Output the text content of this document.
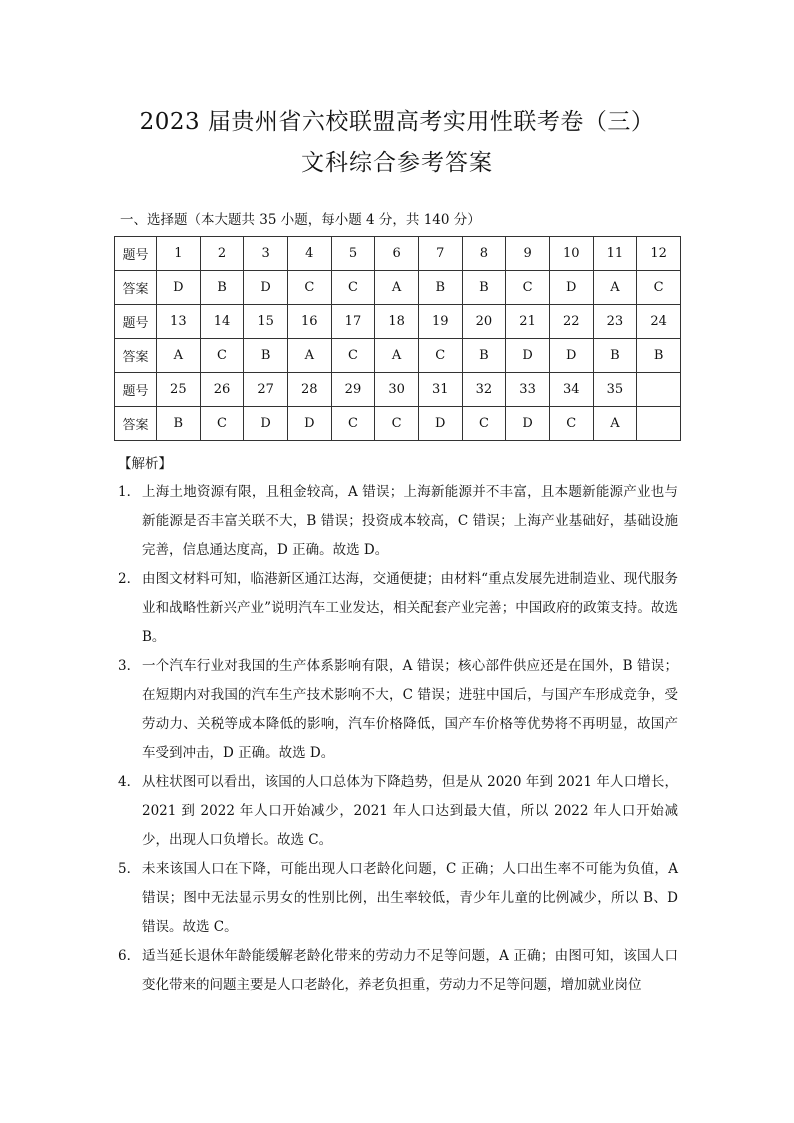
2023 届贵州省六校联盟高考实用性联考卷（三）
文科综合参考答案
一、选择题（本大题共 35 小题，每小题 4 分，共 140 分）
题号	1	2	3	4	5	6	7	8	9	10	11	12
答案	D	B	D	C	C	A	B	B	C	D	A	C
题号	13	14	15	16	17	18	19	20	21	22	23	24
答案	A	C	B	A	C	A	C	B	D	D	B	B
题号	25	26	27	28	29	30	31	32	33	34	35	
答案	B	C	D	D	C	C	D	C	D	C	A	
【解析】
1． 上海土地资源有限，且租金较高，A 错误；上海新能源并不丰富，且本题新能源产业也与新能源是否丰富关联不大，B 错误；投资成本较高，C 错误；上海产业基础好，基础设施完善，信息通达度高，D 正确。故选 D。
2． 由图文材料可知，临港新区通江达海，交通便捷；由材料“重点发展先进制造业、现代服务业和战略性新兴产业”说明汽车工业发达，相关配套产业完善；中国政府的政策支持。故选 B。
3． 一个汽车行业对我国的生产体系影响有限，A 错误；核心部件供应还是在国外，B 错误；在短期内对我国的汽车生产技术影响不大，C 错误；进驻中国后，与国产车形成竞争，受劳动力、关税等成本降低的影响，汽车价格降低，国产车价格等优势将不再明显，故国产车受到冲击，D 正确。故选 D。
4． 从柱状图可以看出，该国的人口总体为下降趋势，但是从 2020 年到 2021 年人口增长，2021 到 2022 年人口开始减少，2021 年人口达到最大值，所以 2022 年人口开始减少，出现人口负增长。故选 C。
5． 未来该国人口在下降，可能出现人口老龄化问题，C 正确；人口出生率不可能为负值，A 错误；图中无法显示男女的性别比例，出生率较低，青少年儿童的比例减少，所以 B、D 错误。故选 C。
6． 适当延长退休年龄能缓解老龄化带来的劳动力不足等问题，A 正确；由图可知，该国人口变化带来的问题主要是人口老龄化，养老负担重，劳动力不足等问题，增加就业岗位
